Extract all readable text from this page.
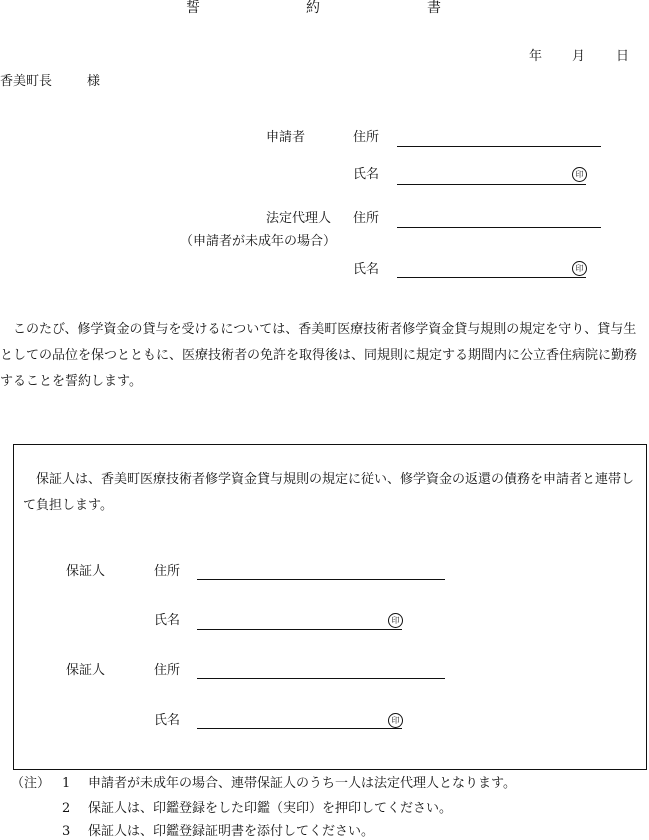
誓	約	書
年 月 日
香美町長	様
申請者	住所
氏名	印
法定代理人 住所
（申請者が未成年の場合）
氏名	印
このたび、修学資金の貸与を受けるについては、香美町医療技術者修学資金貸与規則の規定を守り、貸与生としての品位を保つとともに、医療技術者の免許を取得後は、同規則に規定する期間内に公立香住病院に勤務することを誓約します。
保証人は、香美町医療技術者修学資金貸与規則の規定に従い、修学資金の返還の債務を申請者と連帯して負担します。
保証人	住所
氏名	印
保証人	住所
氏名	印
（注） 1 申請者が未成年の場合、連帯保証人のうち一人は法定代理人となります。
2 保証人は、印鑑登録をした印鑑（実印）を押印してください。
3 保証人は、印鑑登録証明書を添付してください。
